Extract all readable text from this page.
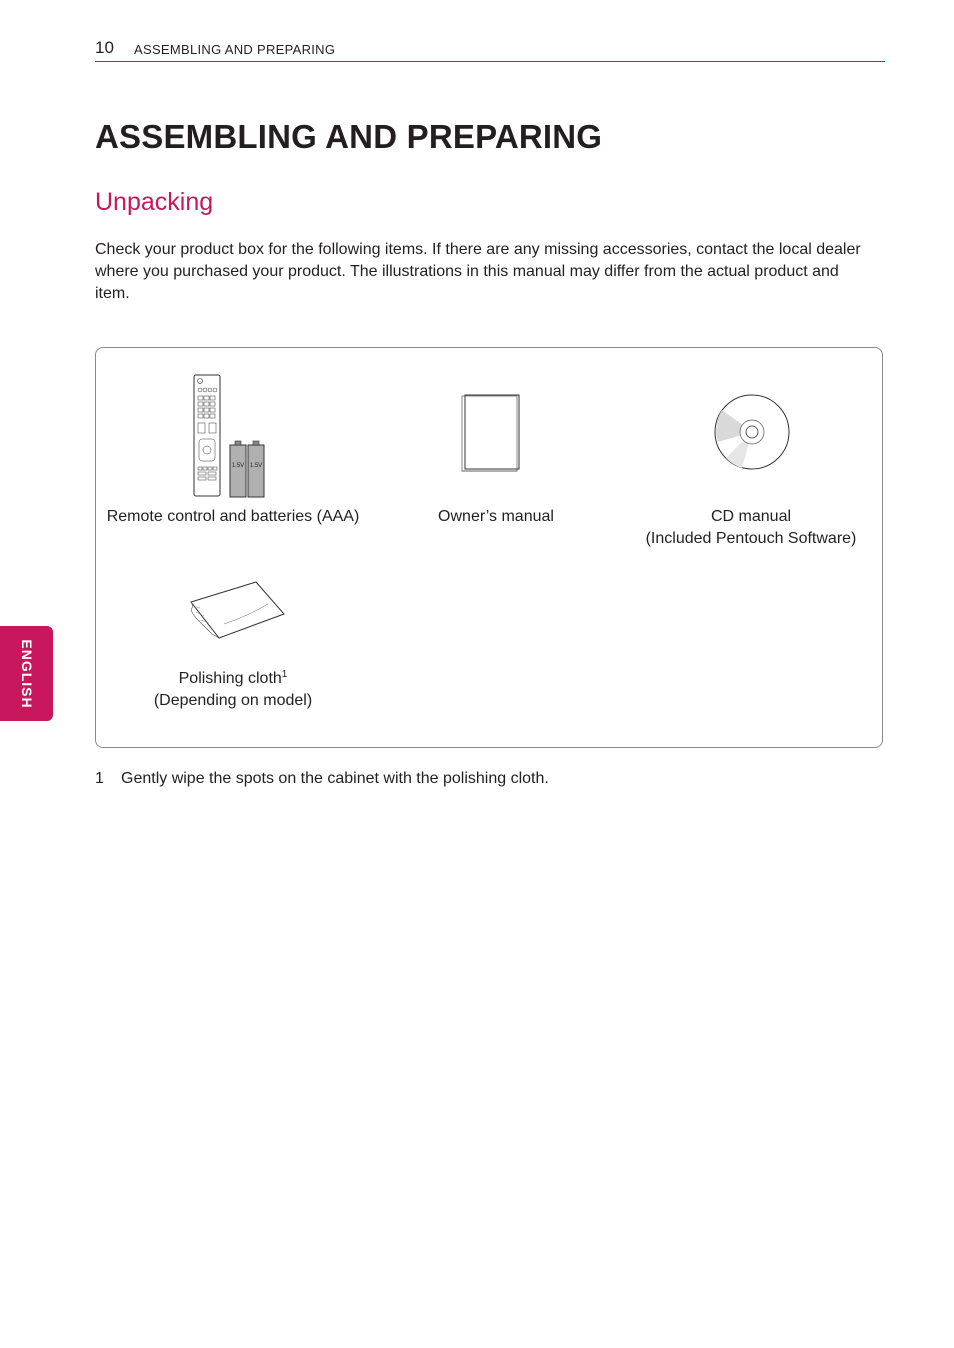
10 ASSEMBLING AND PREPARING
ENGLISH
ASSEMBLING AND PREPARING
Unpacking

Check your product box for the following items. If there are any missing accessories, contact the local dealer where you purchased your product. The illustrations in this manual may differ from the actual product and item.

1.5V 1.5V
Remote control and batteries (AAA)	Owner’s manual	CD manual
(Included Pentouch Software)
Polishing cloth$^1$
(Depending on model)
1 Gently wipe the spots on the cabinet with the polishing cloth.
